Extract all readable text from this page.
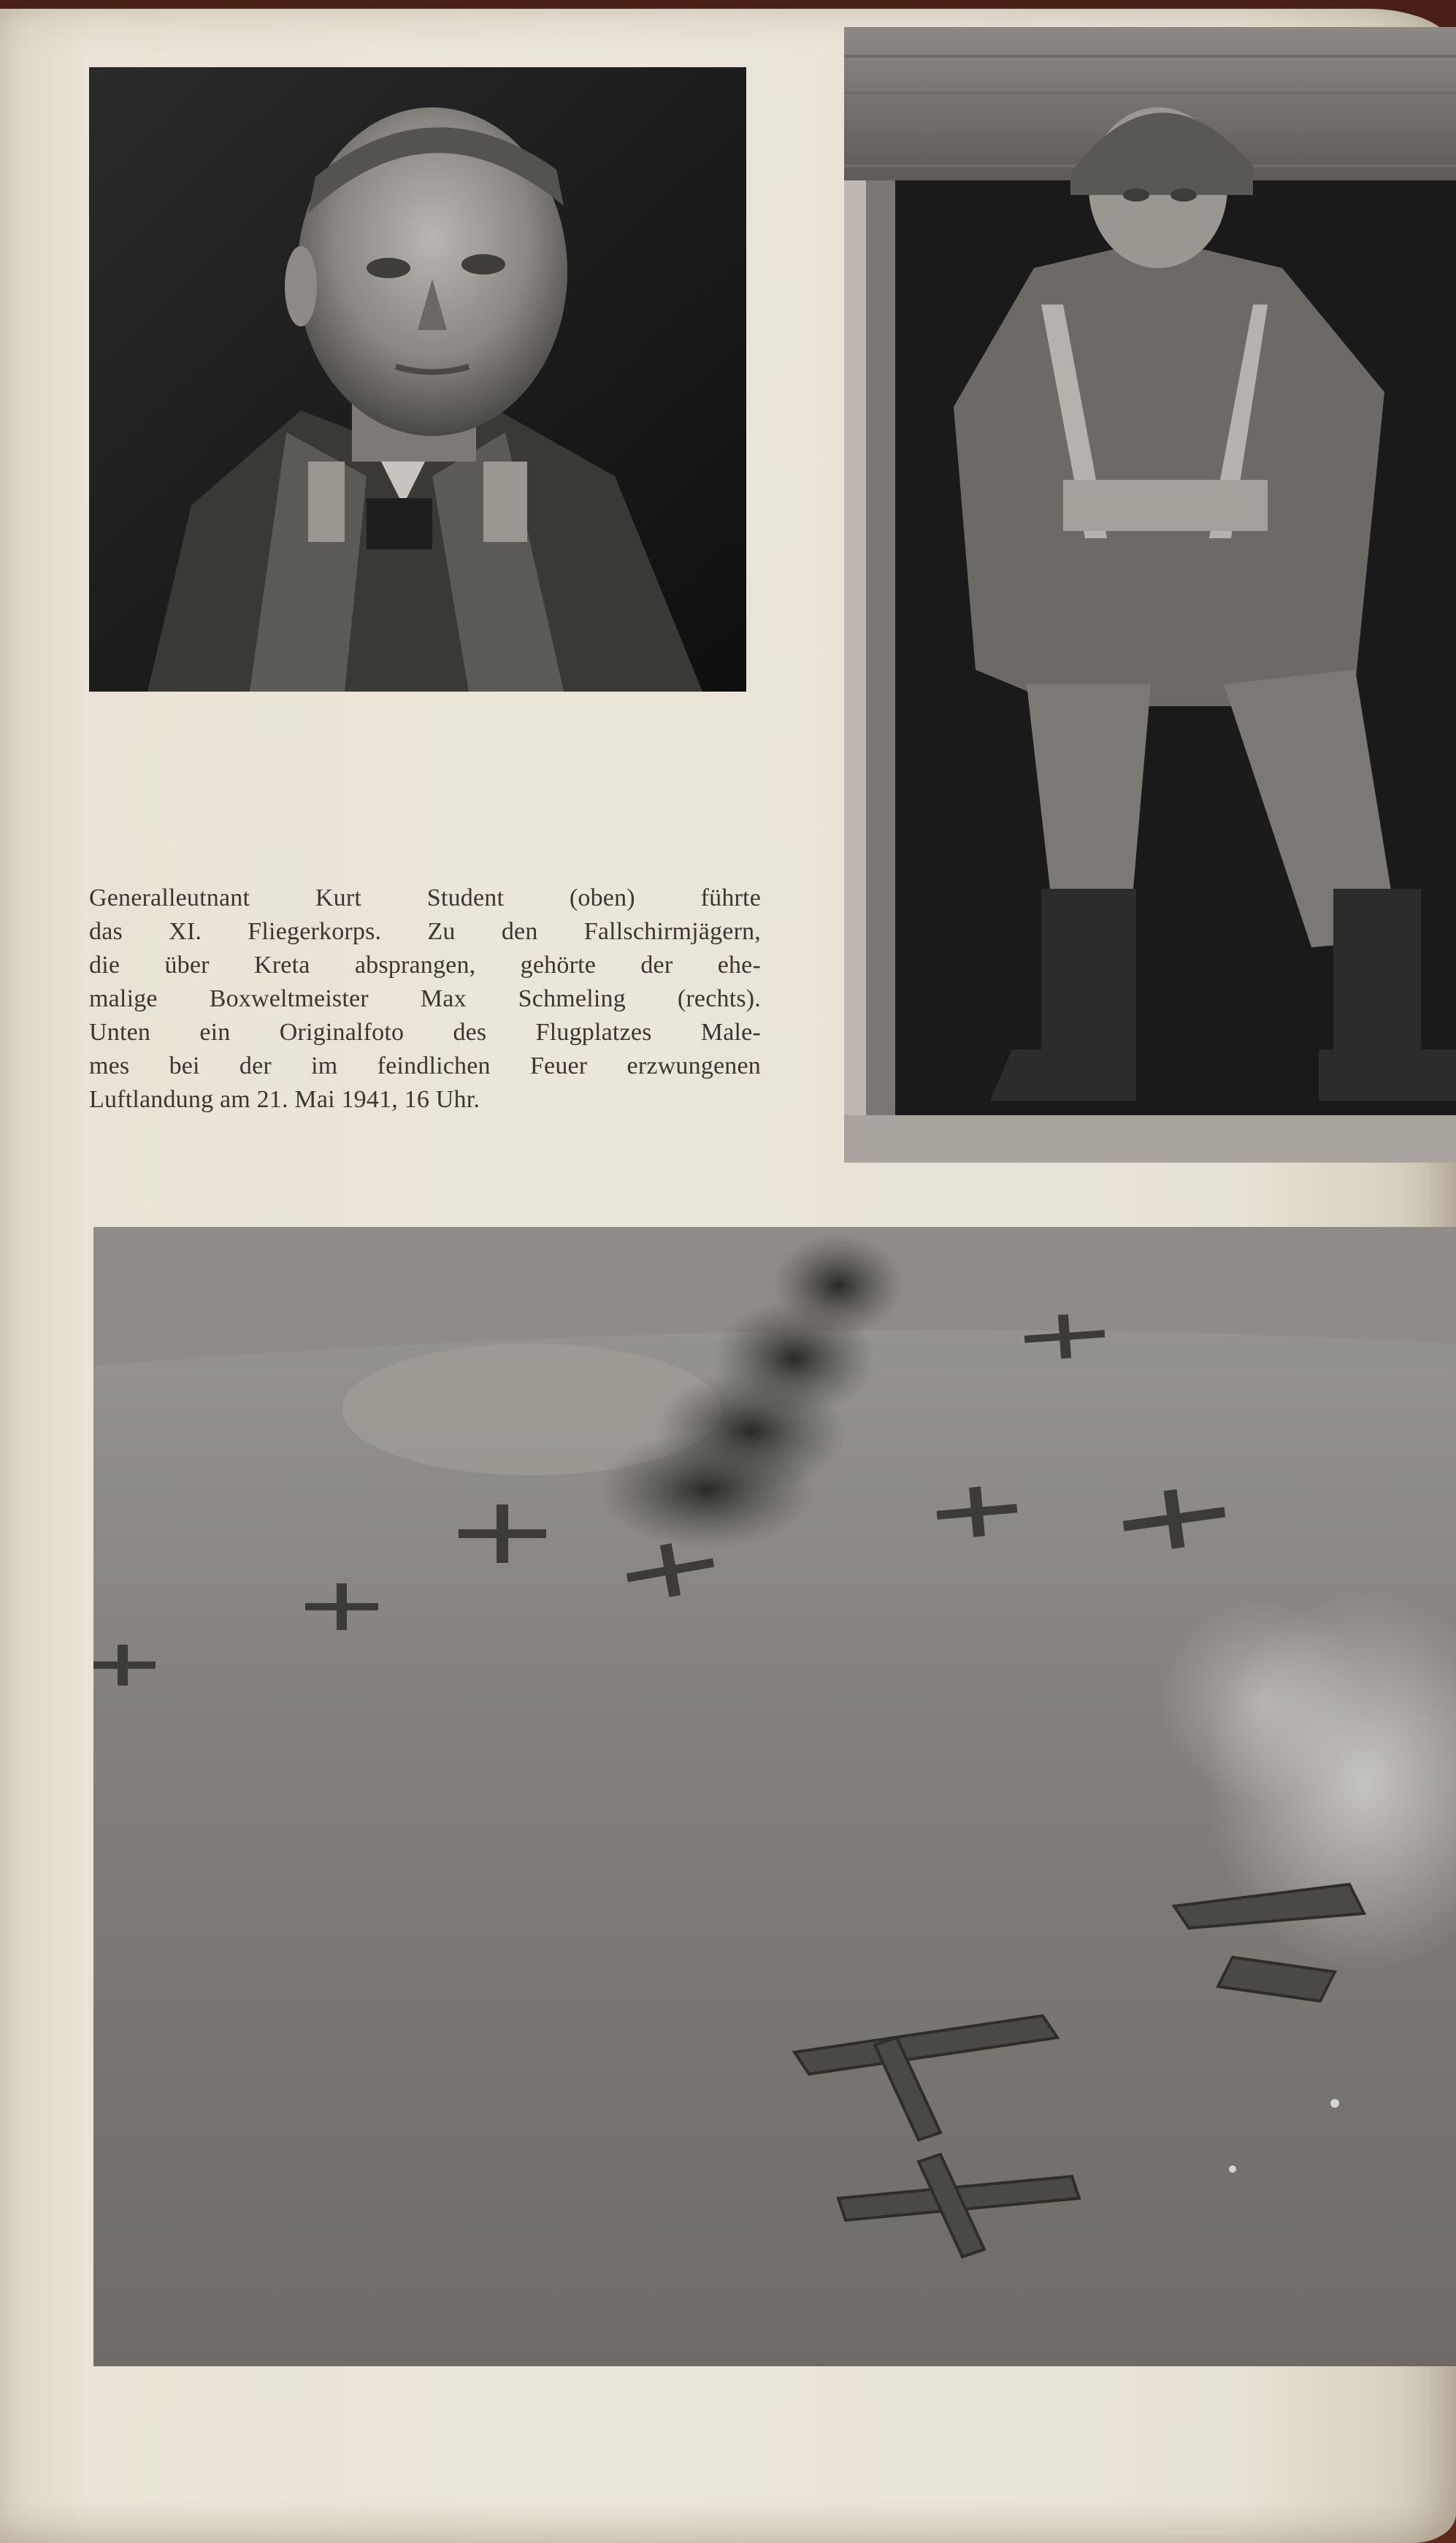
Generalleutnant Kurt Student (oben) führte
das XI. Fliegerkorps. Zu den Fallschirmjägern,
die über Kreta absprangen, gehörte der ehe-
malige Boxweltmeister Max Schmeling (rechts).
Unten ein Originalfoto des Flugplatzes Male-
mes bei der im feindlichen Feuer erzwungenen
Luftlandung am 21. Mai 1941, 16 Uhr.
